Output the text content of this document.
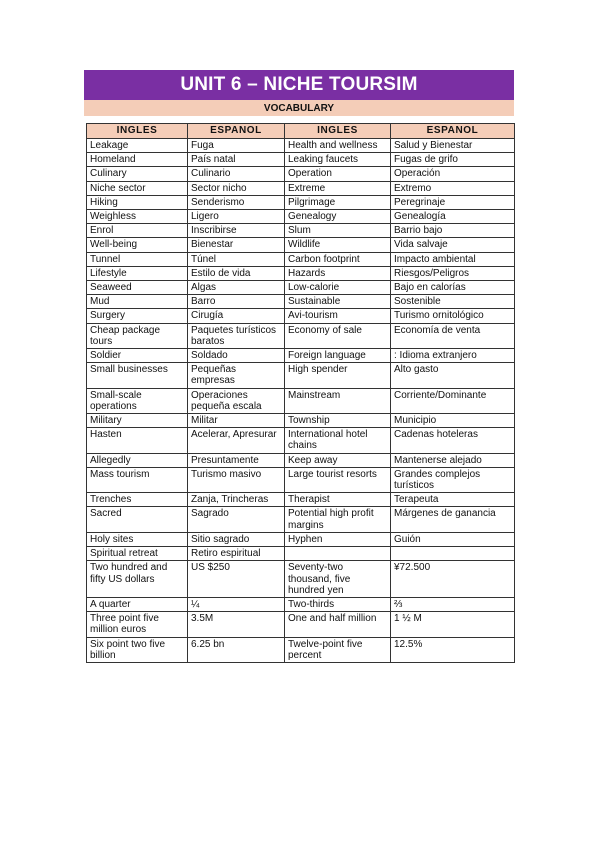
UNIT 6 – NICHE TOURSIM
VOCABULARY
INGLES	ESPANOL	INGLES	ESPANOL
Leakage	Fuga	Health and wellness	Salud y Bienestar
Homeland	País natal	Leaking faucets	Fugas de grifo
Culinary	Culinario	Operation	Operación
Niche sector	Sector nicho	Extreme	Extremo
Hiking	Senderismo	Pilgrimage	Peregrinaje
Weighless	Ligero	Genealogy	Genealogía
Enrol	Inscribirse	Slum	Barrio bajo
Well-being	Bienestar	Wildlife	Vida salvaje
Tunnel	Túnel	Carbon footprint	Impacto ambiental
Lifestyle	Estilo de vida	Hazards	Riesgos/Peligros
Seaweed	Algas	Low-calorie	Bajo en calorías
Mud	Barro	Sustainable	Sostenible
Surgery	Cirugía	Avi-tourism	Turismo ornitológico
Cheap package tours	Paquetes turísticos baratos	Economy of sale	Economía de venta
Soldier	Soldado	Foreign language	: Idioma extranjero
Small businesses	Pequeñas empresas	High spender	Alto gasto
Small-scale operations	Operaciones pequeña escala	Mainstream	Corriente/Dominante
Military	Militar	Township	Municipio
Hasten	Acelerar, Apresurar	International hotel chains	Cadenas hoteleras
Allegedly	Presuntamente	Keep away	Mantenerse alejado
Mass tourism	Turismo masivo	Large tourist resorts	Grandes complejos turísticos
Trenches	Zanja, Trincheras	Therapist	Terapeuta
Sacred	Sagrado	Potential high profit margins	Márgenes de ganancia
Holy sites	Sitio sagrado	Hyphen	Guión
Spiritual retreat	Retiro espiritual		
Two hundred and fifty US dollars	US $250	Seventy-two thousand, five hundred yen	¥72.500
A quarter	¼	Two-thirds	⅔
Three point five million euros	3.5M	One and half million	1 ½ M
Six point two five billion	6.25 bn	Twelve-point five percent	12.5%
